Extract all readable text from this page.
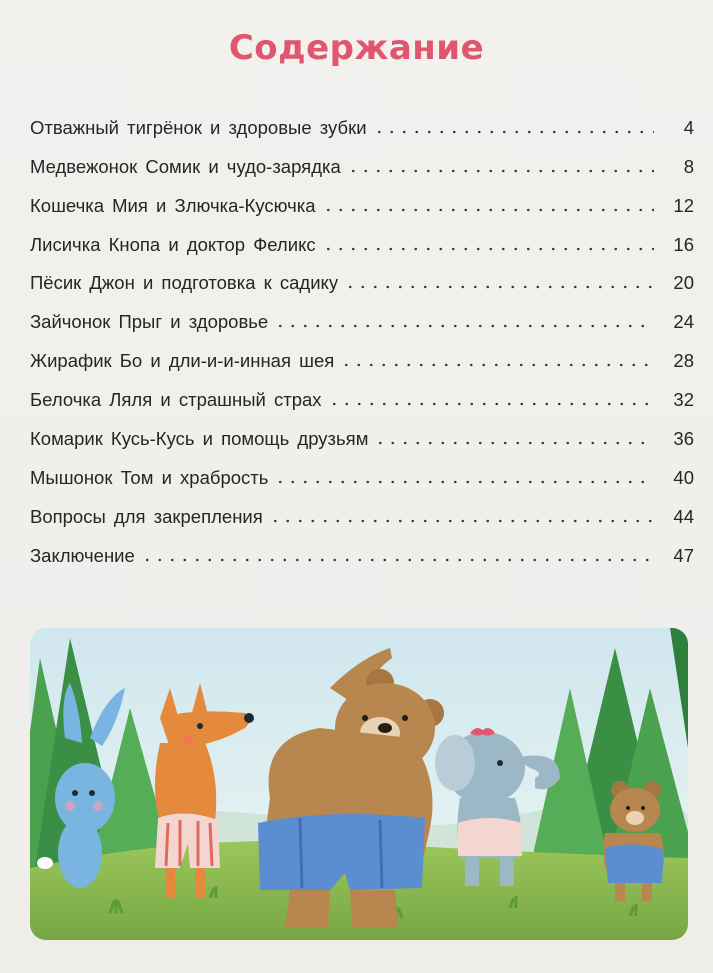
Содержание
Отважный тигрёнок и здоровые зубки	4
Медвежонок Сомик и чудо-зарядка	8
Кошечка Мия и Злючка-Кусючка	12
Лисичка Кнопа и доктор Феликс	16
Пёсик Джон и подготовка к садику	20
Зайчонок Прыг и здоровье	24
Жирафик Бо и дли-и-и-инная шея	28
Белочка Ляля и страшный страх	32
Комарик Кусь-Кусь и помощь друзьям	36
Мышонок Том и храбрость	40
Вопросы для закрепления	44
Заключение	47
